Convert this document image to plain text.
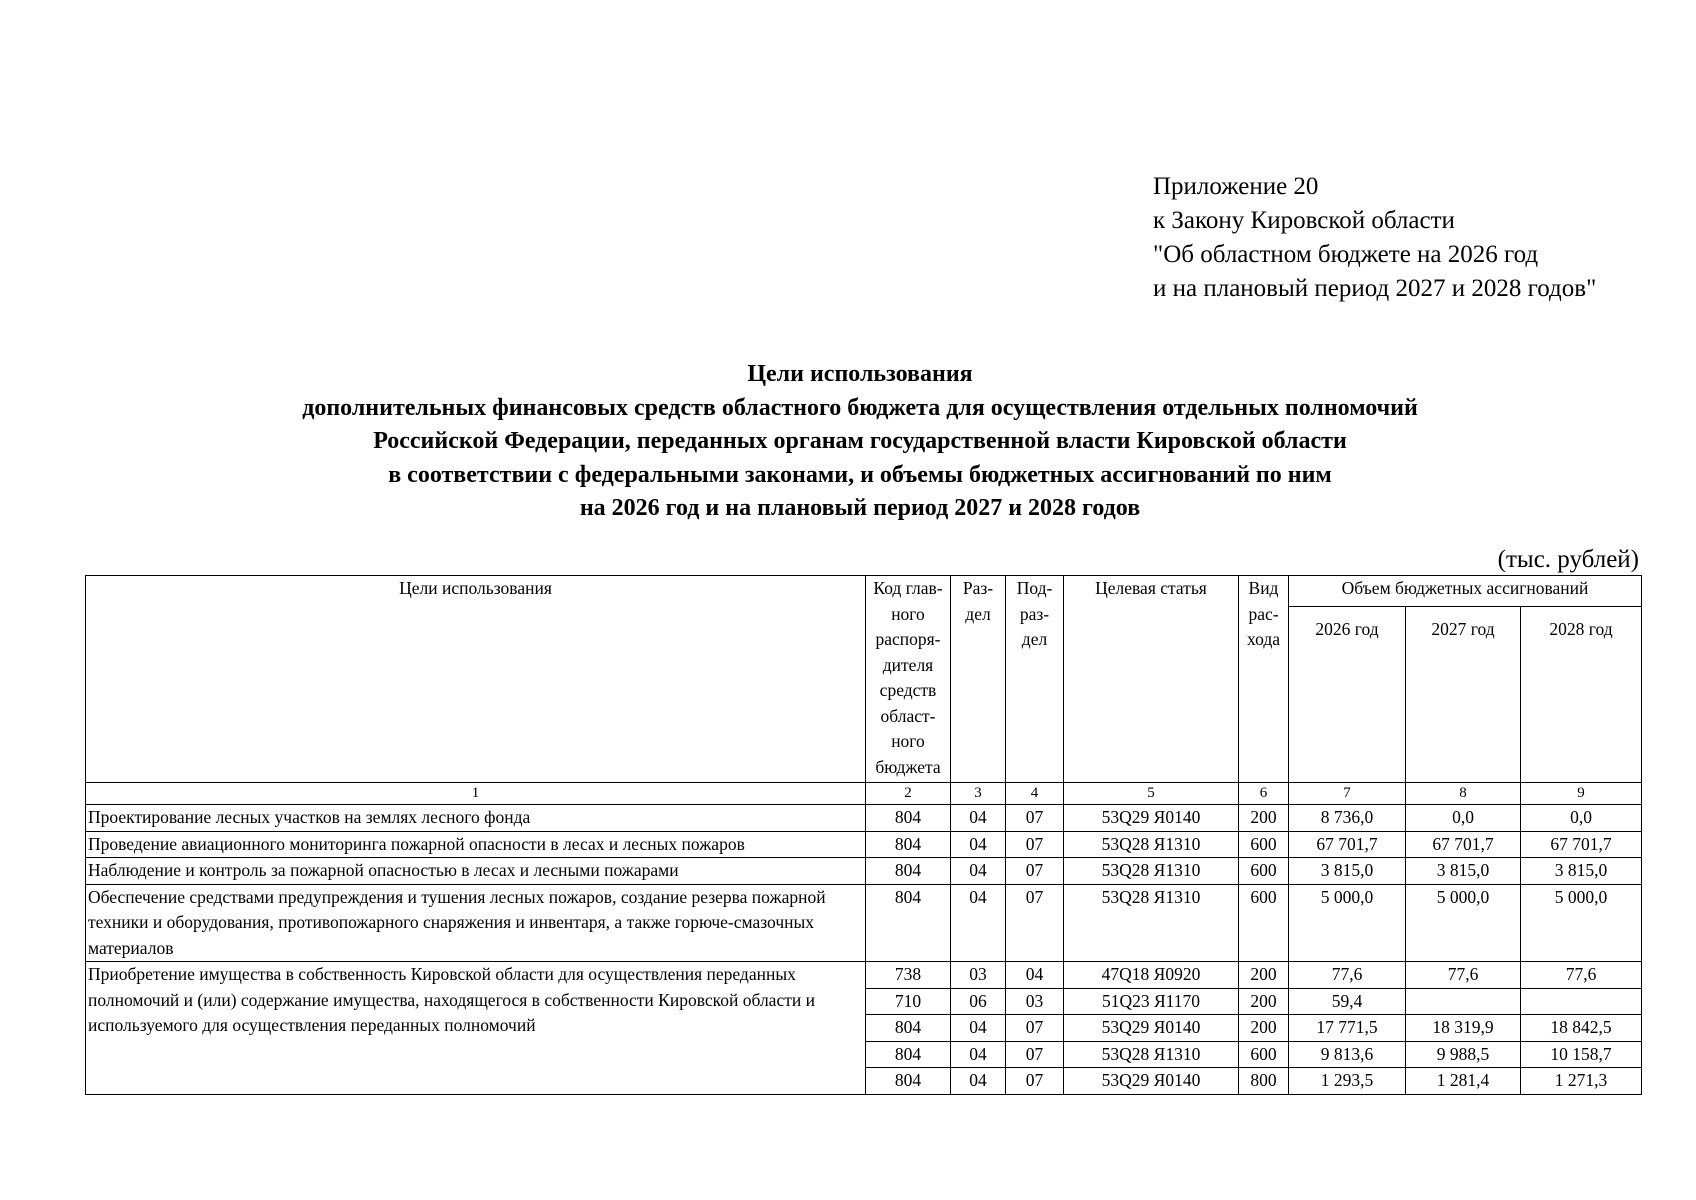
Приложение 20
к Закону Кировской области
"Об областном бюджете на 2026 год
и на плановый период 2027 и 2028 годов"
Цели использования
дополнительных финансовых средств областного бюджета для осуществления отдельных полномочий
Российской Федерации, переданных органам государственной власти Кировской области
в соответствии с федеральными законами, и объемы бюджетных ассигнований по ним
на 2026 год и на плановый период 2027 и 2028 годов
(тыс. рублей)
Цели использования	Код глав-ного распоря-дителя средств област-ного бюджета	Раз-дел	Под-раз-дел	Целевая статья	Вид рас-хода	Объем бюджетных ассигнований		
						2026 год	2027 год	2028 год
1	2	3	4	5	6	7	8	9
Проектирование лесных участков на землях лесного фонда	804	04	07	53Q29 Я0140	200	8 736,0	0,0	0,0
Проведение авиационного мониторинга пожарной опасности в лесах и лесных пожаров	804	04	07	53Q28 Я1310	600	67 701,7	67 701,7	67 701,7
Наблюдение и контроль за пожарной опасностью в лесах и лесными пожарами	804	04	07	53Q28 Я1310	600	3 815,0	3 815,0	3 815,0
Обеспечение средствами предупреждения и тушения лесных пожаров, создание резерва пожарной техники и оборудования, противопожарного снаряжения и инвентаря, а также горюче-смазочных материалов	804	04	07	53Q28 Я1310	600	5 000,0	5 000,0	5 000,0
Приобретение имущества в собственность Кировской области для осуществления переданных полномочий и (или) содержание имущества, находящегося в собственности Кировской области и используемого для осуществления переданных полномочий	738	03	04	47Q18 Я0920	200	77,6	77,6	77,6
	710	06	03	51Q23 Я1170	200	59,4		
	804	04	07	53Q29 Я0140	200	17 771,5	18 319,9	18 842,5
	804	04	07	53Q28 Я1310	600	9 813,6	9 988,5	10 158,7
	804	04	07	53Q29 Я0140	800	1 293,5	1 281,4	1 271,3
